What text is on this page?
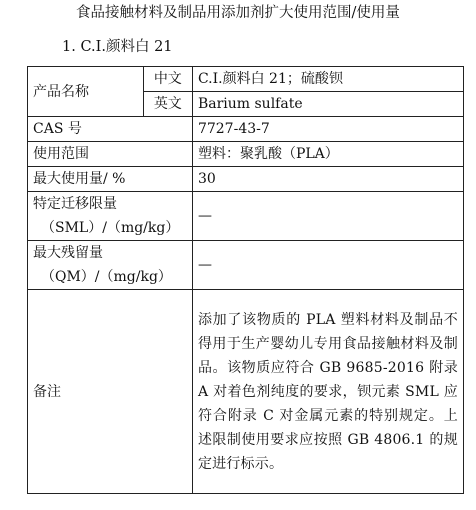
食品接触材料及制品用添加剂扩大使用范围/使用量
1. C.I.颜料白 21
产品名称	中文	C.I.颜料白 21；硫酸钡
	英文	Barium sulfate
CAS 号		7727-43-7
使用范围		塑料：聚乳酸（PLA）
最大使用量/ %		30

特定迁移限量
（SML）/（mg/kg）		—

最大残留量
（QM）/（mg/kg）		—
备注		添加了该物质的 PLA 塑料材料及制品不得用于生产婴幼儿专用食品接触材料及制品。该物质应符合 GB 9685-2016 附录 A 对着色剂纯度的要求，钡元素 SML 应符合附录 C 对金属元素的特别规定。上述限制使用要求应按照 GB 4806.1 的规定进行标示。
